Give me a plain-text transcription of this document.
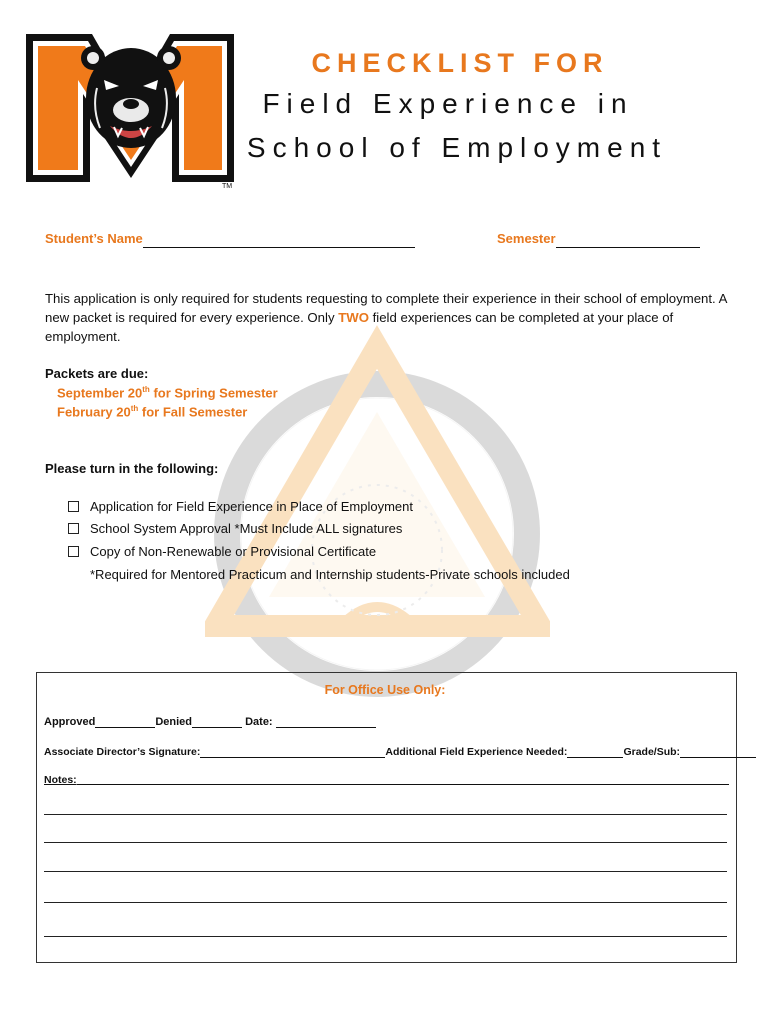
TM
CHECKLIST FOR
Field Experience in
School of Employment
Student’s Name	Semester
This application is only required for students requesting to complete their experience in their school of employment. A new packet is required for every experience. Only TWO field experiences can be completed at your place of employment.
Packets are due:
September 20th for Spring Semester
February 20th for Fall Semester
Please turn in the following:
Application for Field Experience in Place of Employment
School System Approval *Must Include ALL signatures
Copy of Non-Renewable or Provisional Certificate
*Required for Mentored Practicum and Internship students-Private schools included
For Office Use Only:
Approved	Denied	Date:
Associate Director’s Signature:	Additional Field Experience Needed:	Grade/Sub:
Notes:
